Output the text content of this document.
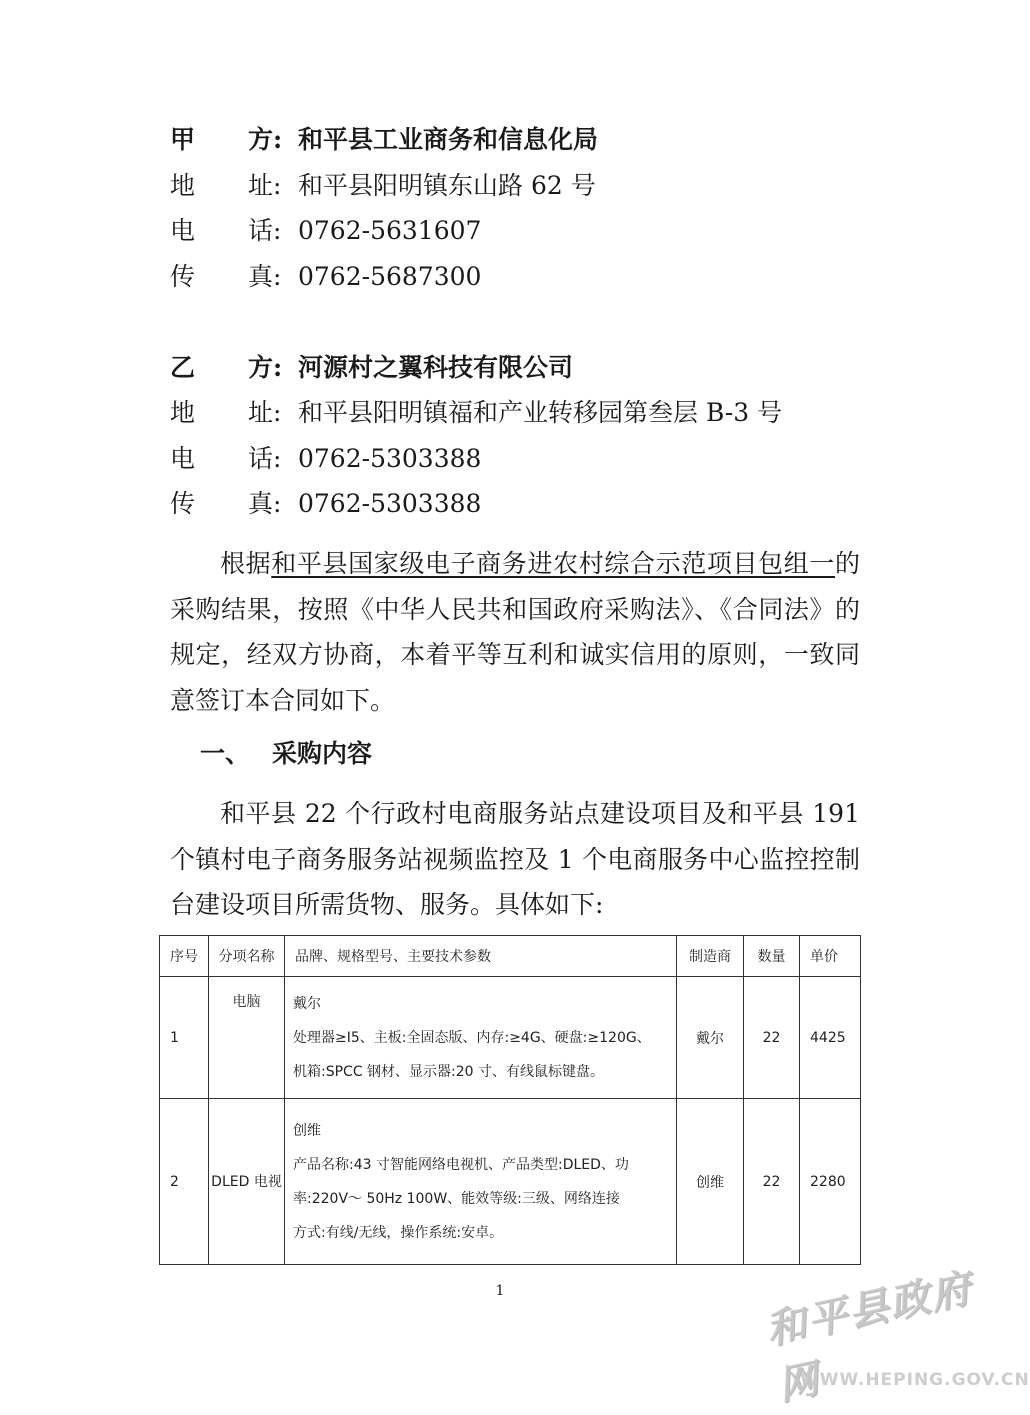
甲 方: 和平县工业商务和信息化局
地 址: 和平县阳明镇东山路 62 号
电 话: 0762-5631607
传 真: 0762-5687300
乙 方: 河源村之翼科技有限公司
地 址: 和平县阳明镇福和产业转移园第叁层 B-3 号
电 话: 0762-5303388
传 真: 0762-5303388
根据和平县国家级电子商务进农村综合示范项目包组一的采购结果，按照《中华人民共和国政府采购法》、《合同法》的规定，经双方协商，本着平等互利和诚实信用的原则，一致同意签订本合同如下。
一、 采购内容
和平县 22 个行政村电商服务站点建设项目及和平县 191 个镇村电子商务服务站视频监控及 1 个电商服务中心监控控制台建设项目所需货物、服务。具体如下:
序号	分项名称	品牌、规格型号、主要技术参数	制造商	数量	单价
1	电脑	戴尔
处理器≥I5、主板:全固态版、内存:≥4G、硬盘:≥120G、
机箱:SPCC 钢材、显示器:20 寸、有线鼠标键盘。	戴尔	22	4425
2	DLED 电视	创维
产品名称:43 寸智能网络电视机、产品类型:DLED、功
率:220V～ 50Hz 100W、能效等级:三级、网络连接
方式:有线/无线，操作系统:安卓。	创维	22	2280
1	和平县政府网
WWW.HEPING.GOV.CN
